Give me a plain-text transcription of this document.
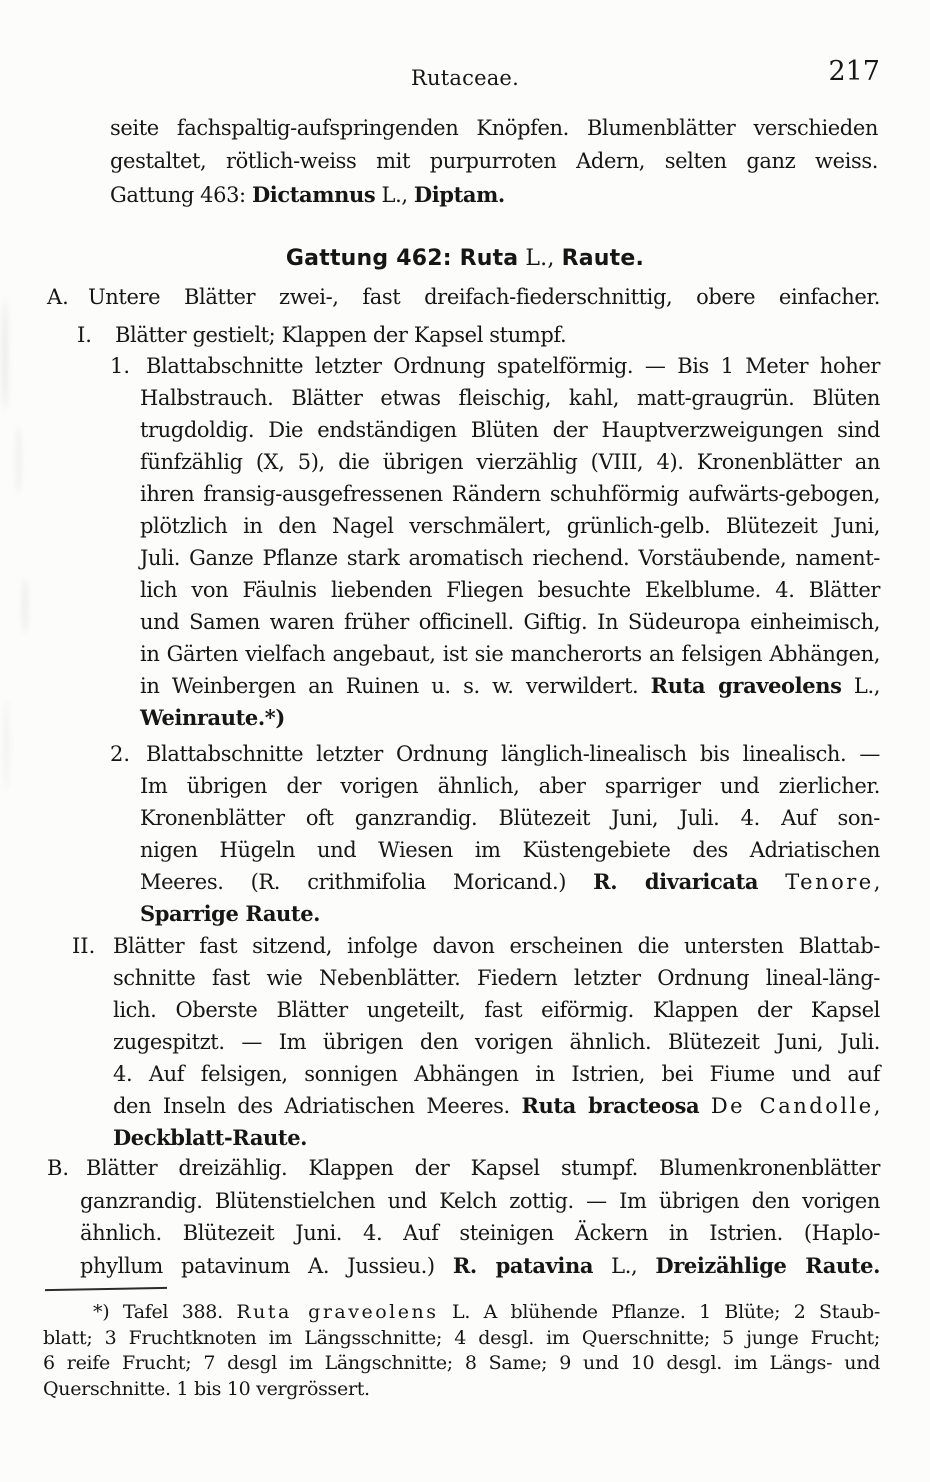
Rutaceae.	217
seite fachspaltig-aufspringenden Knöpfen. Blumenblätter verschieden
gestaltet, rötlich-weiss mit purpurroten Adern, selten ganz weiss.
Gattung 463: Dictamnus L., Diptam.
Gattung 462: Ruta L., Raute.
A. Untere Blätter zwei-, fast dreifach-fiederschnittig, obere einfacher.
I. Blätter gestielt; Klappen der Kapsel stumpf.
1. Blattabschnitte letzter Ordnung spatelförmig. — Bis 1 Meter hoher
Halbstrauch. Blätter etwas fleischig, kahl, matt-graugrün. Blüten
trugdoldig. Die endständigen Blüten der Hauptverzweigungen sind
fünfzählig (X, 5), die übrigen vierzählig (VIII, 4). Kronenblätter an
ihren fransig-ausgefressenen Rändern schuhförmig aufwärts-gebogen,
plötzlich in den Nagel verschmälert, grünlich-gelb. Blütezeit Juni,
Juli. Ganze Pflanze stark aromatisch riechend. Vorstäubende, nament-
lich von Fäulnis liebenden Fliegen besuchte Ekelblume. 4. Blätter
und Samen waren früher officinell. Giftig. In Südeuropa einheimisch,
in Gärten vielfach angebaut, ist sie mancherorts an felsigen Abhängen,
in Weinbergen an Ruinen u. s. w. verwildert. Ruta graveolens L.,
Weinraute.*)
2. Blattabschnitte letzter Ordnung länglich-linealisch bis linealisch. —
Im übrigen der vorigen ähnlich, aber sparriger und zierlicher.
Kronenblätter oft ganzrandig. Blütezeit Juni, Juli. 4. Auf son-
nigen Hügeln und Wiesen im Küstengebiete des Adriatischen
Meeres. (R. crithmifolia Moricand.) R. divaricata Tenore,
Sparrige Raute.
II. Blätter fast sitzend, infolge davon erscheinen die untersten Blattab-
schnitte fast wie Nebenblätter. Fiedern letzter Ordnung lineal-läng-
lich. Oberste Blätter ungeteilt, fast eiförmig. Klappen der Kapsel
zugespitzt. — Im übrigen den vorigen ähnlich. Blütezeit Juni, Juli.
4. Auf felsigen, sonnigen Abhängen in Istrien, bei Fiume und auf
den Inseln des Adriatischen Meeres. Ruta bracteosa De Candolle,
Deckblatt-Raute.
B. Blätter dreizählig. Klappen der Kapsel stumpf. Blumenkronenblätter
ganzrandig. Blütenstielchen und Kelch zottig. — Im übrigen den vorigen
ähnlich. Blütezeit Juni. 4. Auf steinigen Äckern in Istrien. (Haplo-
phyllum patavinum A. Jussieu.) R. patavina L., Dreizählige Raute.
*) Tafel 388. Ruta graveolens L. A blühende Pflanze. 1 Blüte; 2 Staub-
blatt; 3 Fruchtknoten im Längsschnitte; 4 desgl. im Querschnitte; 5 junge Frucht;
6 reife Frucht; 7 desgl im Längschnitte; 8 Same; 9 und 10 desgl. im Längs- und
Querschnitte. 1 bis 10 vergrössert.
